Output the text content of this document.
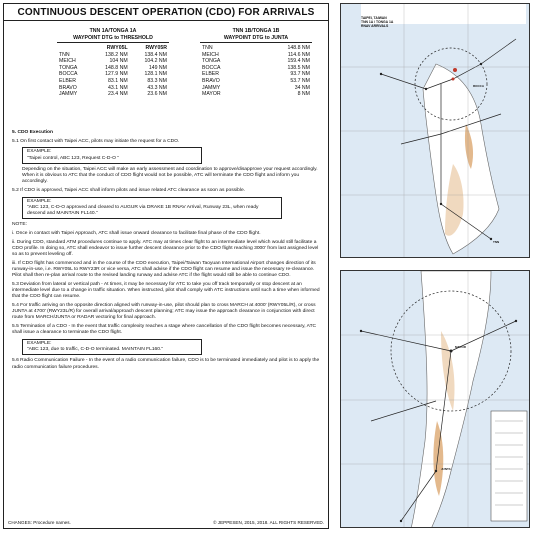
CONTINUOUS DESCENT OPERATION (CDO) FOR ARRIVALS
TNN 1A/TONGA 1A
WAYPOINT DTG to THRESHOLD
	RWY05L	RWY05R
TNN	138.2 NM	138.4 NM
MEICH	104 NM	104.2 NM
TONGA	148.8 NM	149 NM
BOCCA	127.9 NM	128.1 NM
ELBER	83.1 NM	83.3 NM
BRAVO	43.1 NM	43.3 NM
JAMMY	23.4 NM	23.6 NM
TNN 1B/TONGA 1B
WAYPOINT DTG to JUNTA
TNN	148.8 NM
MEICH	114.6 NM
TONGA	159.4 NM
BOCCA	138.5 NM
ELBER	93.7 NM
BRAVO	53.7 NM
JAMMY	34 NM
MAYOR	8 NM

5. CDO Execution

5.1 On first contact with Taipei ACC, pilots may initiate the request for a CDO.

EXAMPLE:
“Taipei control, ABC 123, Request C-D-O ”

Depending on the situation, Taipei ACC will make an early assessment and coordination to approve/disapprove your request accordingly. When it is obvious to ATC that the conduct of CDO flight would not be possible, ATC will terminate the CDO flight and inform you accordingly.

5.2 If CDO is approved, Taipei ACC shall inform pilots and issue related ATC clearance as soon as possible.

EXAMPLE:
“ABC 123, C-D-O approved and cleared to AUGUR via DRAKE 1B RNAV Arrival, Runway 23L, when ready descend and MAINTAIN FL140.”

NOTE:

i. Once in contact with Taipei Approach, ATC shall issue onward clearance to facilitate final phase of the CDO flight.

ii. During CDO, standard ATM procedures continue to apply. ATC may at times clear flight to an intermediate level which would still facilitate a CDO profile. In doing so, ATC shall endeavor to issue further descent clearance prior to the CDO flight reaching 3000’ from last assigned level so as to prevent leveling off.

iii. If CDO flight has commenced and in the course of the CDO execution, Taipei/Taiwan Taoyuan International Airport changes direction of its runway-in-use, i.e. RWY05L to RWY23R or vice versa, ATC shall advise if the CDO flight can resume and issue the necessary re-clearance. Pilot shall then re-plan arrival route to the revised landing runway and advise ATC if the flight would still be able to continue CDO.

5.3 Deviation from lateral or vertical path - At times, it may be necessary for ATC to take you off track temporarily or stop descent at an intermediate level due to a change in traffic situation. When instructed, pilot shall comply with ATC instructions until such a time when informed that the CDO flight can resume.

5.4 For traffic arriving on the opposite direction aligned with runway-in-use, pilot should plan to cross MARCH at 4000’ (RWY05L/R), or cross JUNTA at 4700’ (RWY23L/R) for overall arrival/approach descent planning; ATC may issue the approach clearance in conjunction with direct route from MARCH/JUNTA or RADAR vectoring for final approach.

5.5 Termination of a CDO - In the event that traffic complexity reaches a stage where cancellation of the CDO flight becomes necessary, ATC shall issue a clearance to terminate the CDO flight.

EXAMPLE:
“ABC 123, due to traffic, C-D-O terminated. MAINTAIN FL160.”

5.6 Radio Communication Failure - In the event of a radio communication failure, CDO is to be terminated immediately and pilot is to apply the radio communication failure procedures.

CHANGES: Procedure names.	© JEPPESEN, 2015, 2018. ALL RIGHTS RESERVED.
TAIPEI, TAIWAN
TNN 1A / TONGA 1A
RNAV ARRIVALS
ROCCA
TNN
MAYOR
JUNTA
